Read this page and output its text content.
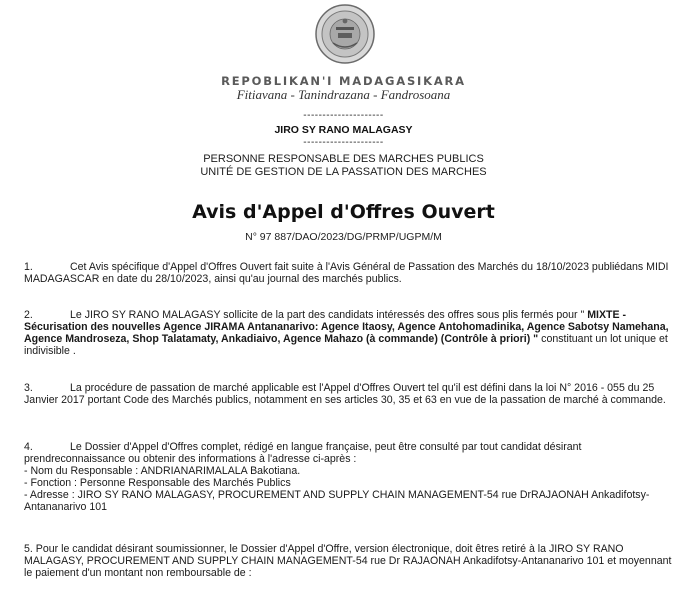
REPOBLIKAN'I MADAGASIKARA
Fitiavana - Tanindrazana - Fandrosoana
---------------------
JIRO SY RANO MALAGASY
---------------------
PERSONNE RESPONSABLE DES MARCHES PUBLICS
UNITÉ DE GESTION DE LA PASSATION DES MARCHES
Avis d'Appel d'Offres Ouvert
N° 97 887/DAO/2023/DG/PRMP/UGPM/M
1.	Cet Avis spécifique d'Appel d'Offres Ouvert fait suite à l'Avis Général de Passation des Marchés du 18/10/2023 publiédans MIDI MADAGASCAR en date du 28/10/2023, ainsi qu'au journal des marchés publics.
2.	Le JIRO SY RANO MALAGASY sollicite de la part des candidats intéressés des offres sous plis fermés pour " MIXTE - Sécurisation des nouvelles Agence JIRAMA Antananarivo: Agence Itaosy, Agence Antohomadinika, Agence Sabotsy Namehana, Agence Mandroseza, Shop Talatamaty, Ankadiaivo, Agence Mahazo (à commande) (Contrôle à priori) " constituant un lot unique et indivisible .
3.	La procédure de passation de marché applicable est l'Appel d'Offres Ouvert tel qu'il est défini dans la loi N° 2016 - 055 du 25 Janvier 2017 portant Code des Marchés publics, notamment en ses articles 30, 35 et 63 en vue de la passation de marché à commande.
4.	Le Dossier d'Appel d'Offres complet, rédigé en langue française, peut être consulté par tout candidat désirant prendreconnaissance ou obtenir des informations à l'adresse ci-après :
- Nom du Responsable : ANDRIANARIMALALA Bakotiana.
- Fonction : Personne Responsable des Marchés Publics
- Adresse : JIRO SY RANO MALAGASY, PROCUREMENT AND SUPPLY CHAIN MANAGEMENT-54 rue DrRAJAONAH Ankadifotsy-Antananarivo 101
5. Pour le candidat désirant soumissionner, le Dossier d'Appel d'Offre, version électronique, doit êtres retiré à la JIRO SY RANO MALAGASY, PROCUREMENT AND SUPPLY CHAIN MANAGEMENT-54 rue Dr RAJAONAH Ankadifotsy-Antananarivo 101 et moyennant le paiement d'un montant non remboursable de :
